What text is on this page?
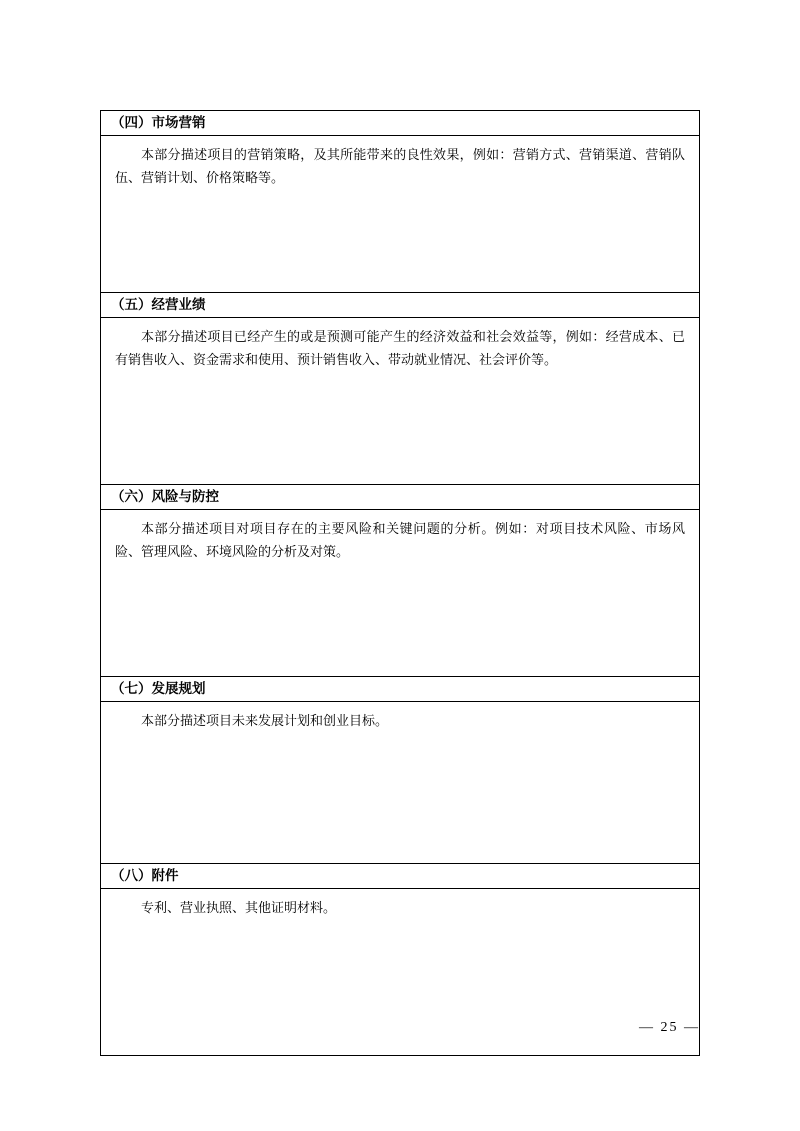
（四）市场营销

本部分描述项目的营销策略，及其所能带来的良性效果，例如：营销方式、营销渠道、营销队伍、营销计划、价格策略等。

（五）经营业绩

本部分描述项目已经产生的或是预测可能产生的经济效益和社会效益等，例如：经营成本、已有销售收入、资金需求和使用、预计销售收入、带动就业情况、社会评价等。

（六）风险与防控

本部分描述项目对项目存在的主要风险和关键问题的分析。例如：对项目技术风险、市场风险、管理风险、环境风险的分析及对策。

（七）发展规划

本部分描述项目未来发展计划和创业目标。

（八）附件

专利、营业执照、其他证明材料。
— 25 —
